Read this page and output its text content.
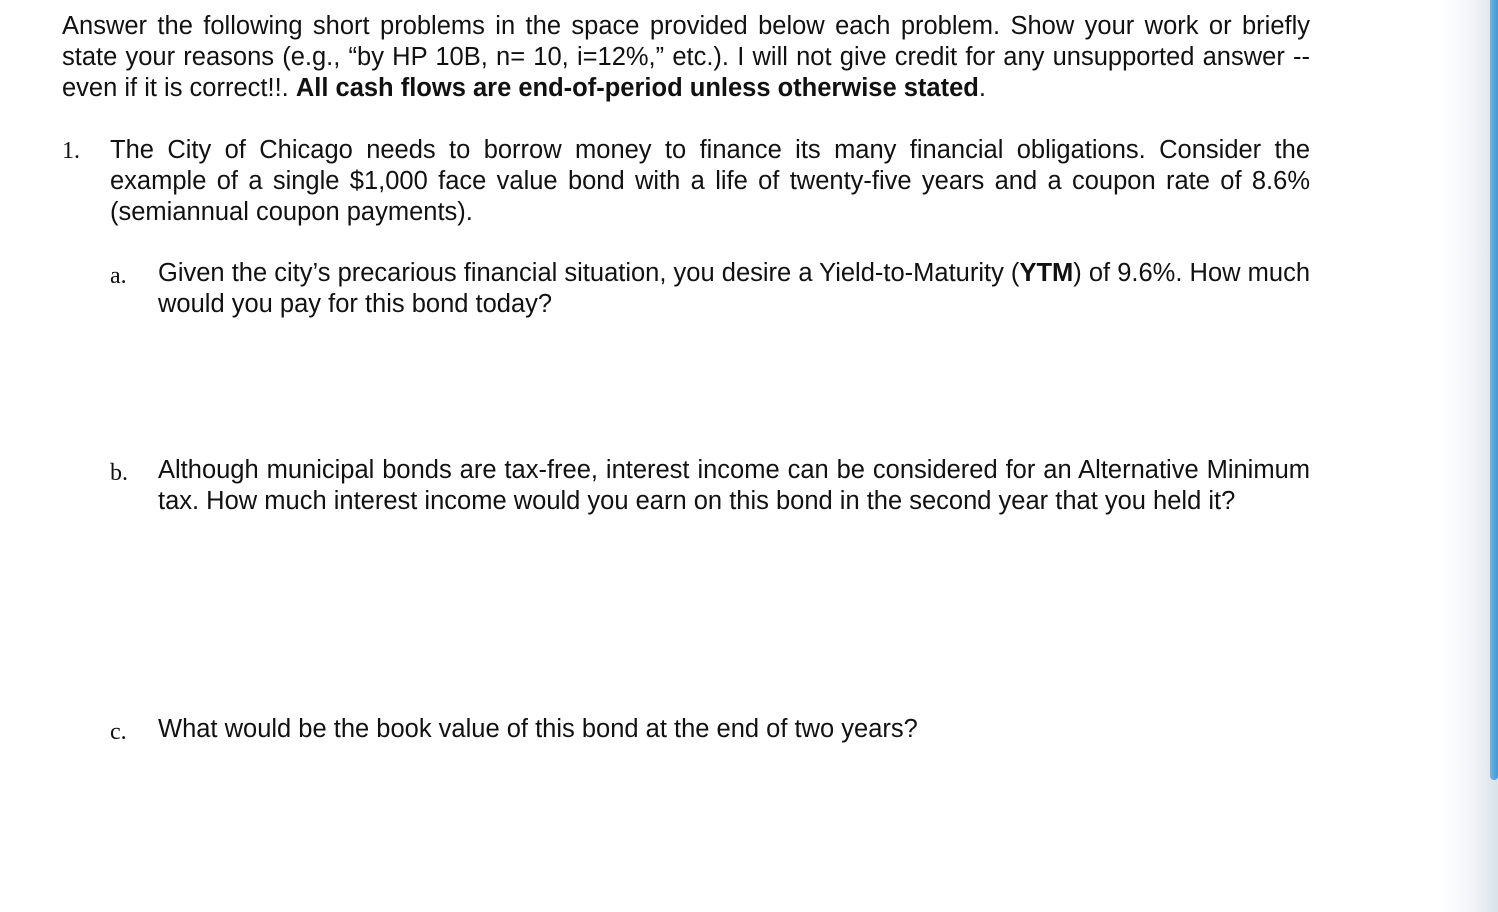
Answer the following short problems in the space provided below each problem. Show your work or briefly state your reasons (e.g., “by HP 10B, n= 10, i=12%,” etc.). I will not give credit for any unsupported answer -- even if it is correct!!. All cash flows are end-of-period unless otherwise stated.
1. The City of Chicago needs to borrow money to finance its many financial obligations. Consider the example of a single $1,000 face value bond with a life of twenty-five years and a coupon rate of 8.6% (semiannual coupon payments).
a. Given the city’s precarious financial situation, you desire a Yield-to-Maturity (YTM) of 9.6%. How much would you pay for this bond today?
b. Although municipal bonds are tax-free, interest income can be considered for an Alternative Minimum tax. How much interest income would you earn on this bond in the second year that you held it?
c. What would be the book value of this bond at the end of two years?
